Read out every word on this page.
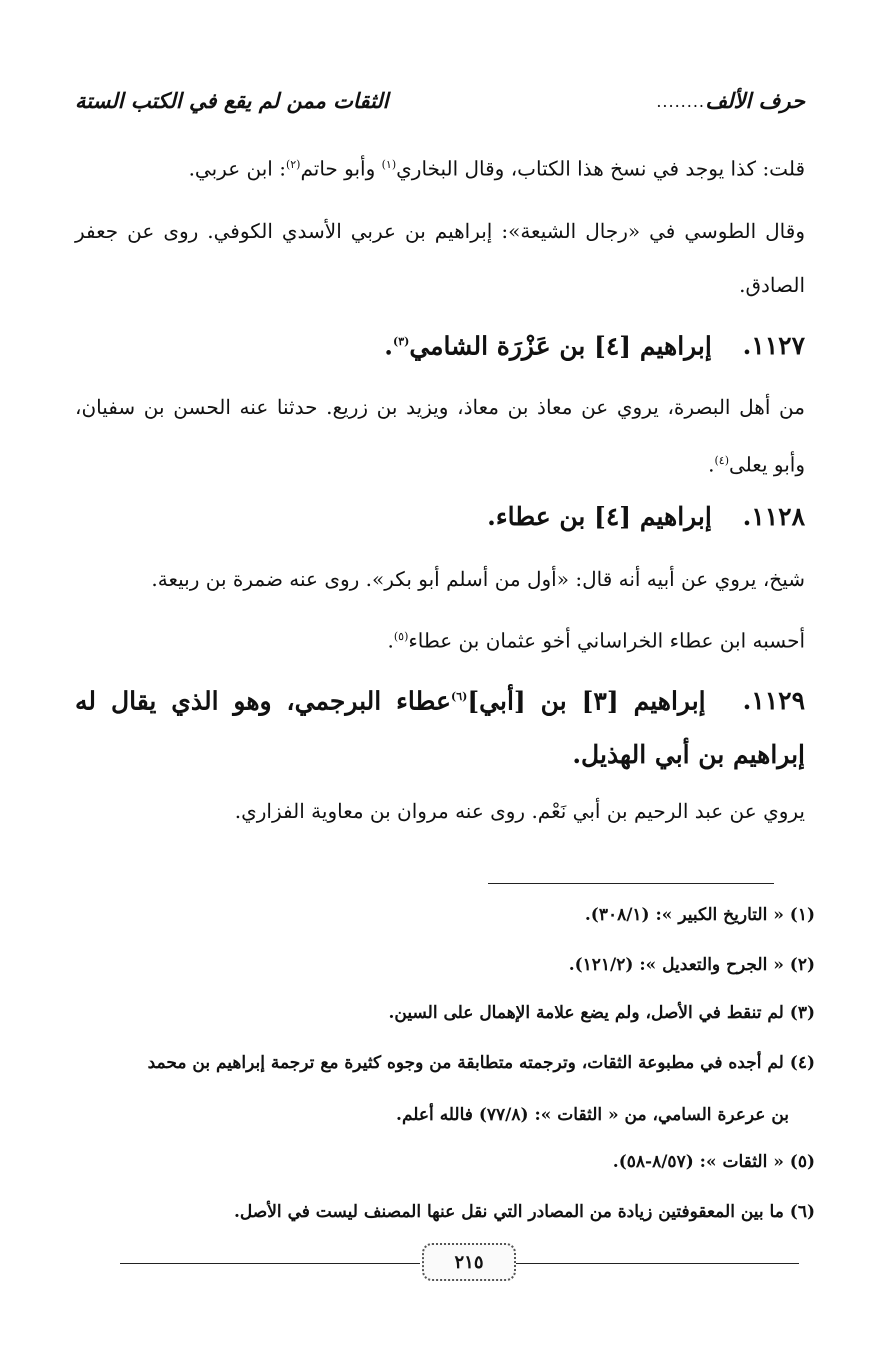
حرف الألف
........
الثقات ممن لم يقع في الكتب الستة
قلت: كذا يوجد في نسخ هذا الكتاب، وقال البخاري$^{(١)}$ وأبو حاتم$^{(٢)}$: ابن عربي.
وقال الطوسي في «رجال الشيعة»: إبراهيم بن عربي الأسدي الكوفي. روى عن جعفر الصادق.
١١٢٧. إبراهيم [٤] بن عَزْرَة الشامي$^{(٣)}$.
من أهل البصرة، يروي عن معاذ بن معاذ، ويزيد بن زريع. حدثنا عنه الحسن بن سفيان، وأبو يعلى$^{(٤)}$.
١١٢٨. إبراهيم [٤] بن عطاء.
شيخ، يروي عن أبيه أنه قال: «أول من أسلم أبو بكر». روى عنه ضمرة بن ربيعة.
أحسبه ابن عطاء الخراساني أخو عثمان بن عطاء$^{(٥)}$.
١١٢٩. إبراهيم [٣] بن [أبي]$^{(٦)}$عطاء البرجمي، وهو الذي يقال له إبراهيم بن أبي الهذيل.
يروي عن عبد الرحيم بن أبي نَعْم. روى عنه مروان بن معاوية الفزاري.
(١) « التاريخ الكبير »: (٣٠٨/١).
(٢) « الجرح والتعديل »: (١٢١/٢).
(٣) لم تنقط في الأصل، ولم يضع علامة الإهمال على السين.
(٤) لم أجده في مطبوعة الثقات، وترجمته متطابقة من وجوه كثيرة مع ترجمة إبراهيم بن محمد
بن عرعرة السامي، من « الثقات »: (٧٧/٨) فالله أعلم.
(٥) « الثقات »: (٨/٥٧-٥٨).
(٦) ما بين المعقوفتين زيادة من المصادر التي نقل عنها المصنف ليست في الأصل.
٢١٥
